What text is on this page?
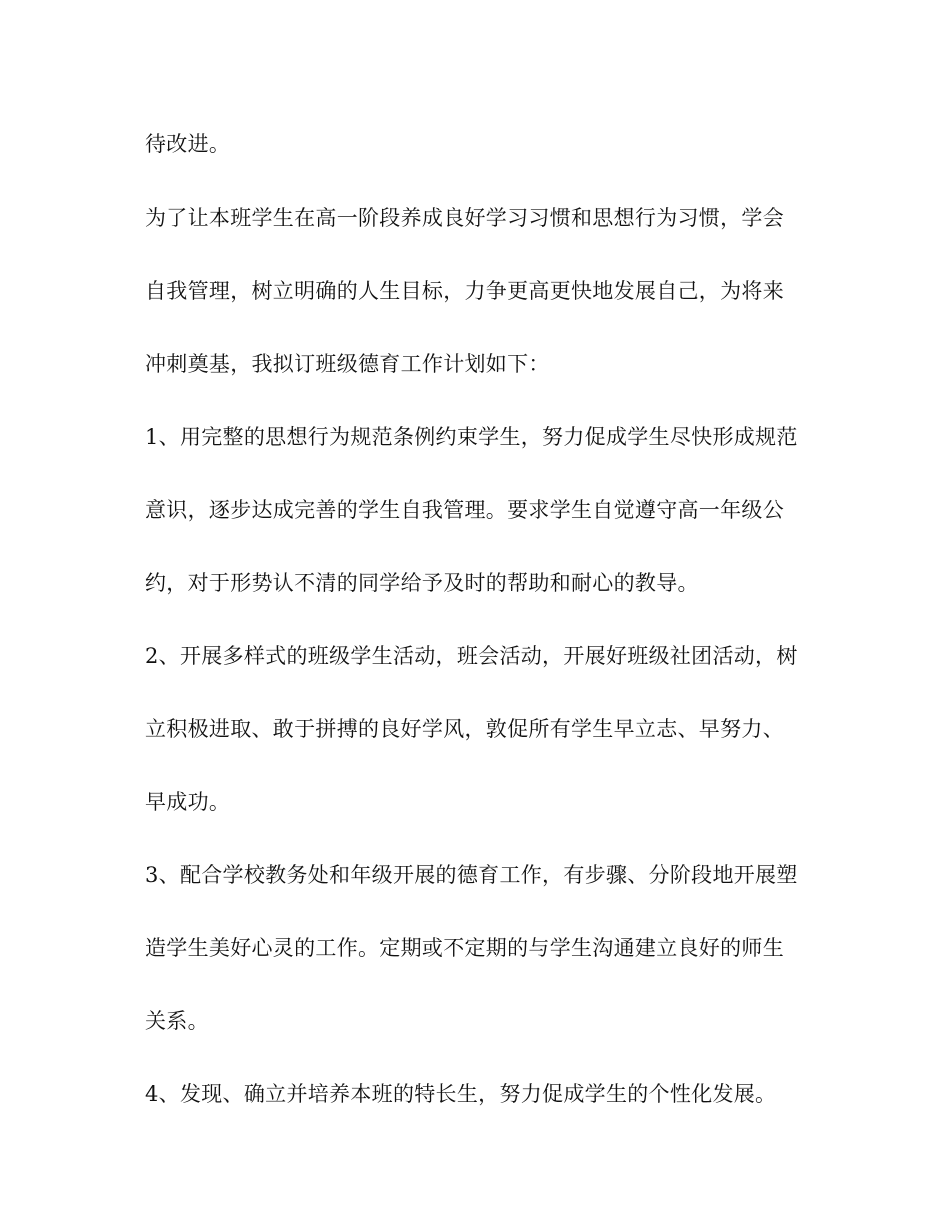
待改进。

为了让本班学生在高一阶段养成良好学习习惯和思想行为习惯，学会

自我管理，树立明确的人生目标，力争更高更快地发展自己，为将来

冲刺奠基，我拟订班级德育工作计划如下：

1、用完整的思想行为规范条例约束学生，努力促成学生尽快形成规范

意识，逐步达成完善的学生自我管理。要求学生自觉遵守高一年级公

约，对于形势认不清的同学给予及时的帮助和耐心的教导。

2、开展多样式的班级学生活动，班会活动，开展好班级社团活动，树

立积极进取、敢于拼搏的良好学风，敦促所有学生早立志、早努力、

早成功。

3、配合学校教务处和年级开展的德育工作，有步骤、分阶段地开展塑

造学生美好心灵的工作。定期或不定期的与学生沟通建立良好的师生

关系。

4、发现、确立并培养本班的特长生，努力促成学生的个性化发展。
